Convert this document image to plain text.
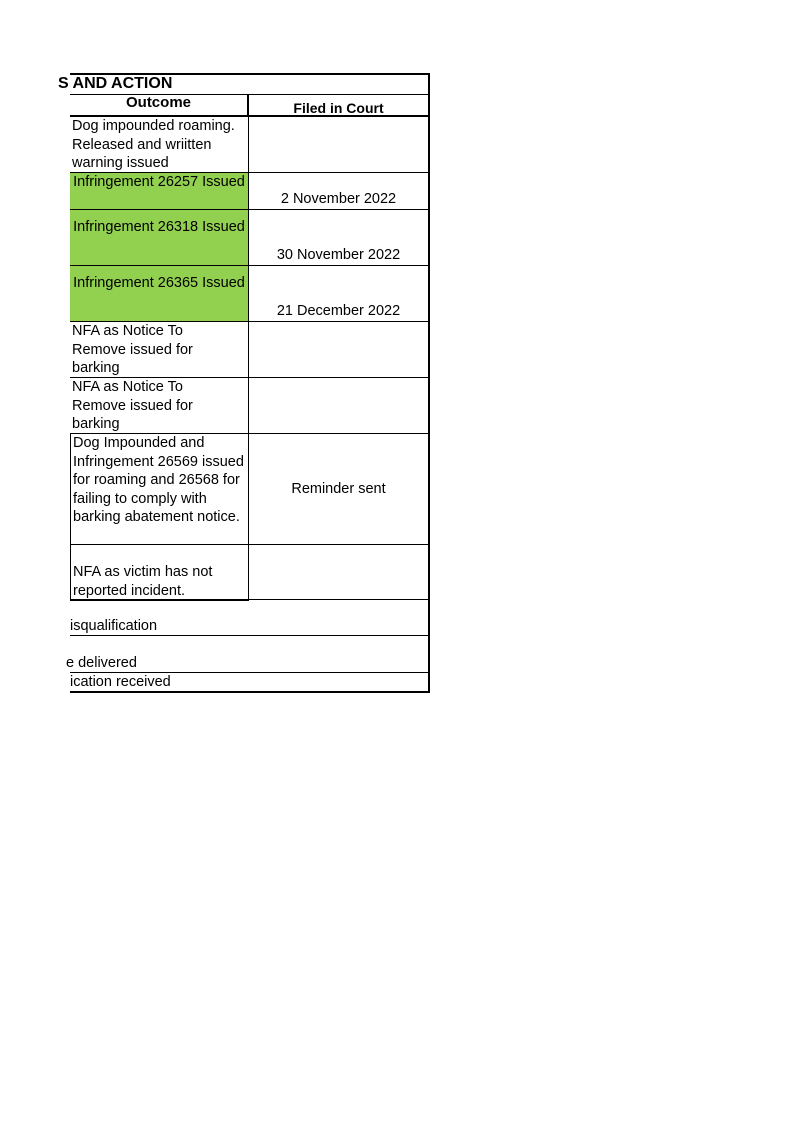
S AND ACTION
Outcome	Filed in Court
Dog impounded roaming. Released and wriitten warning issued
Infringement 26257 Issued
2 November 2022
Infringement 26318 Issued
30 November 2022
Infringement 26365 Issued
21 December 2022
NFA as Notice To Remove issued for barking
NFA as Notice To Remove issued for barking
Dog Impounded and Infringement 26569 issued for roaming and 26568 for failing to comply with barking abatement notice.
Reminder sent
NFA as victim has not reported incident.
isqualification
e delivered
ication received
